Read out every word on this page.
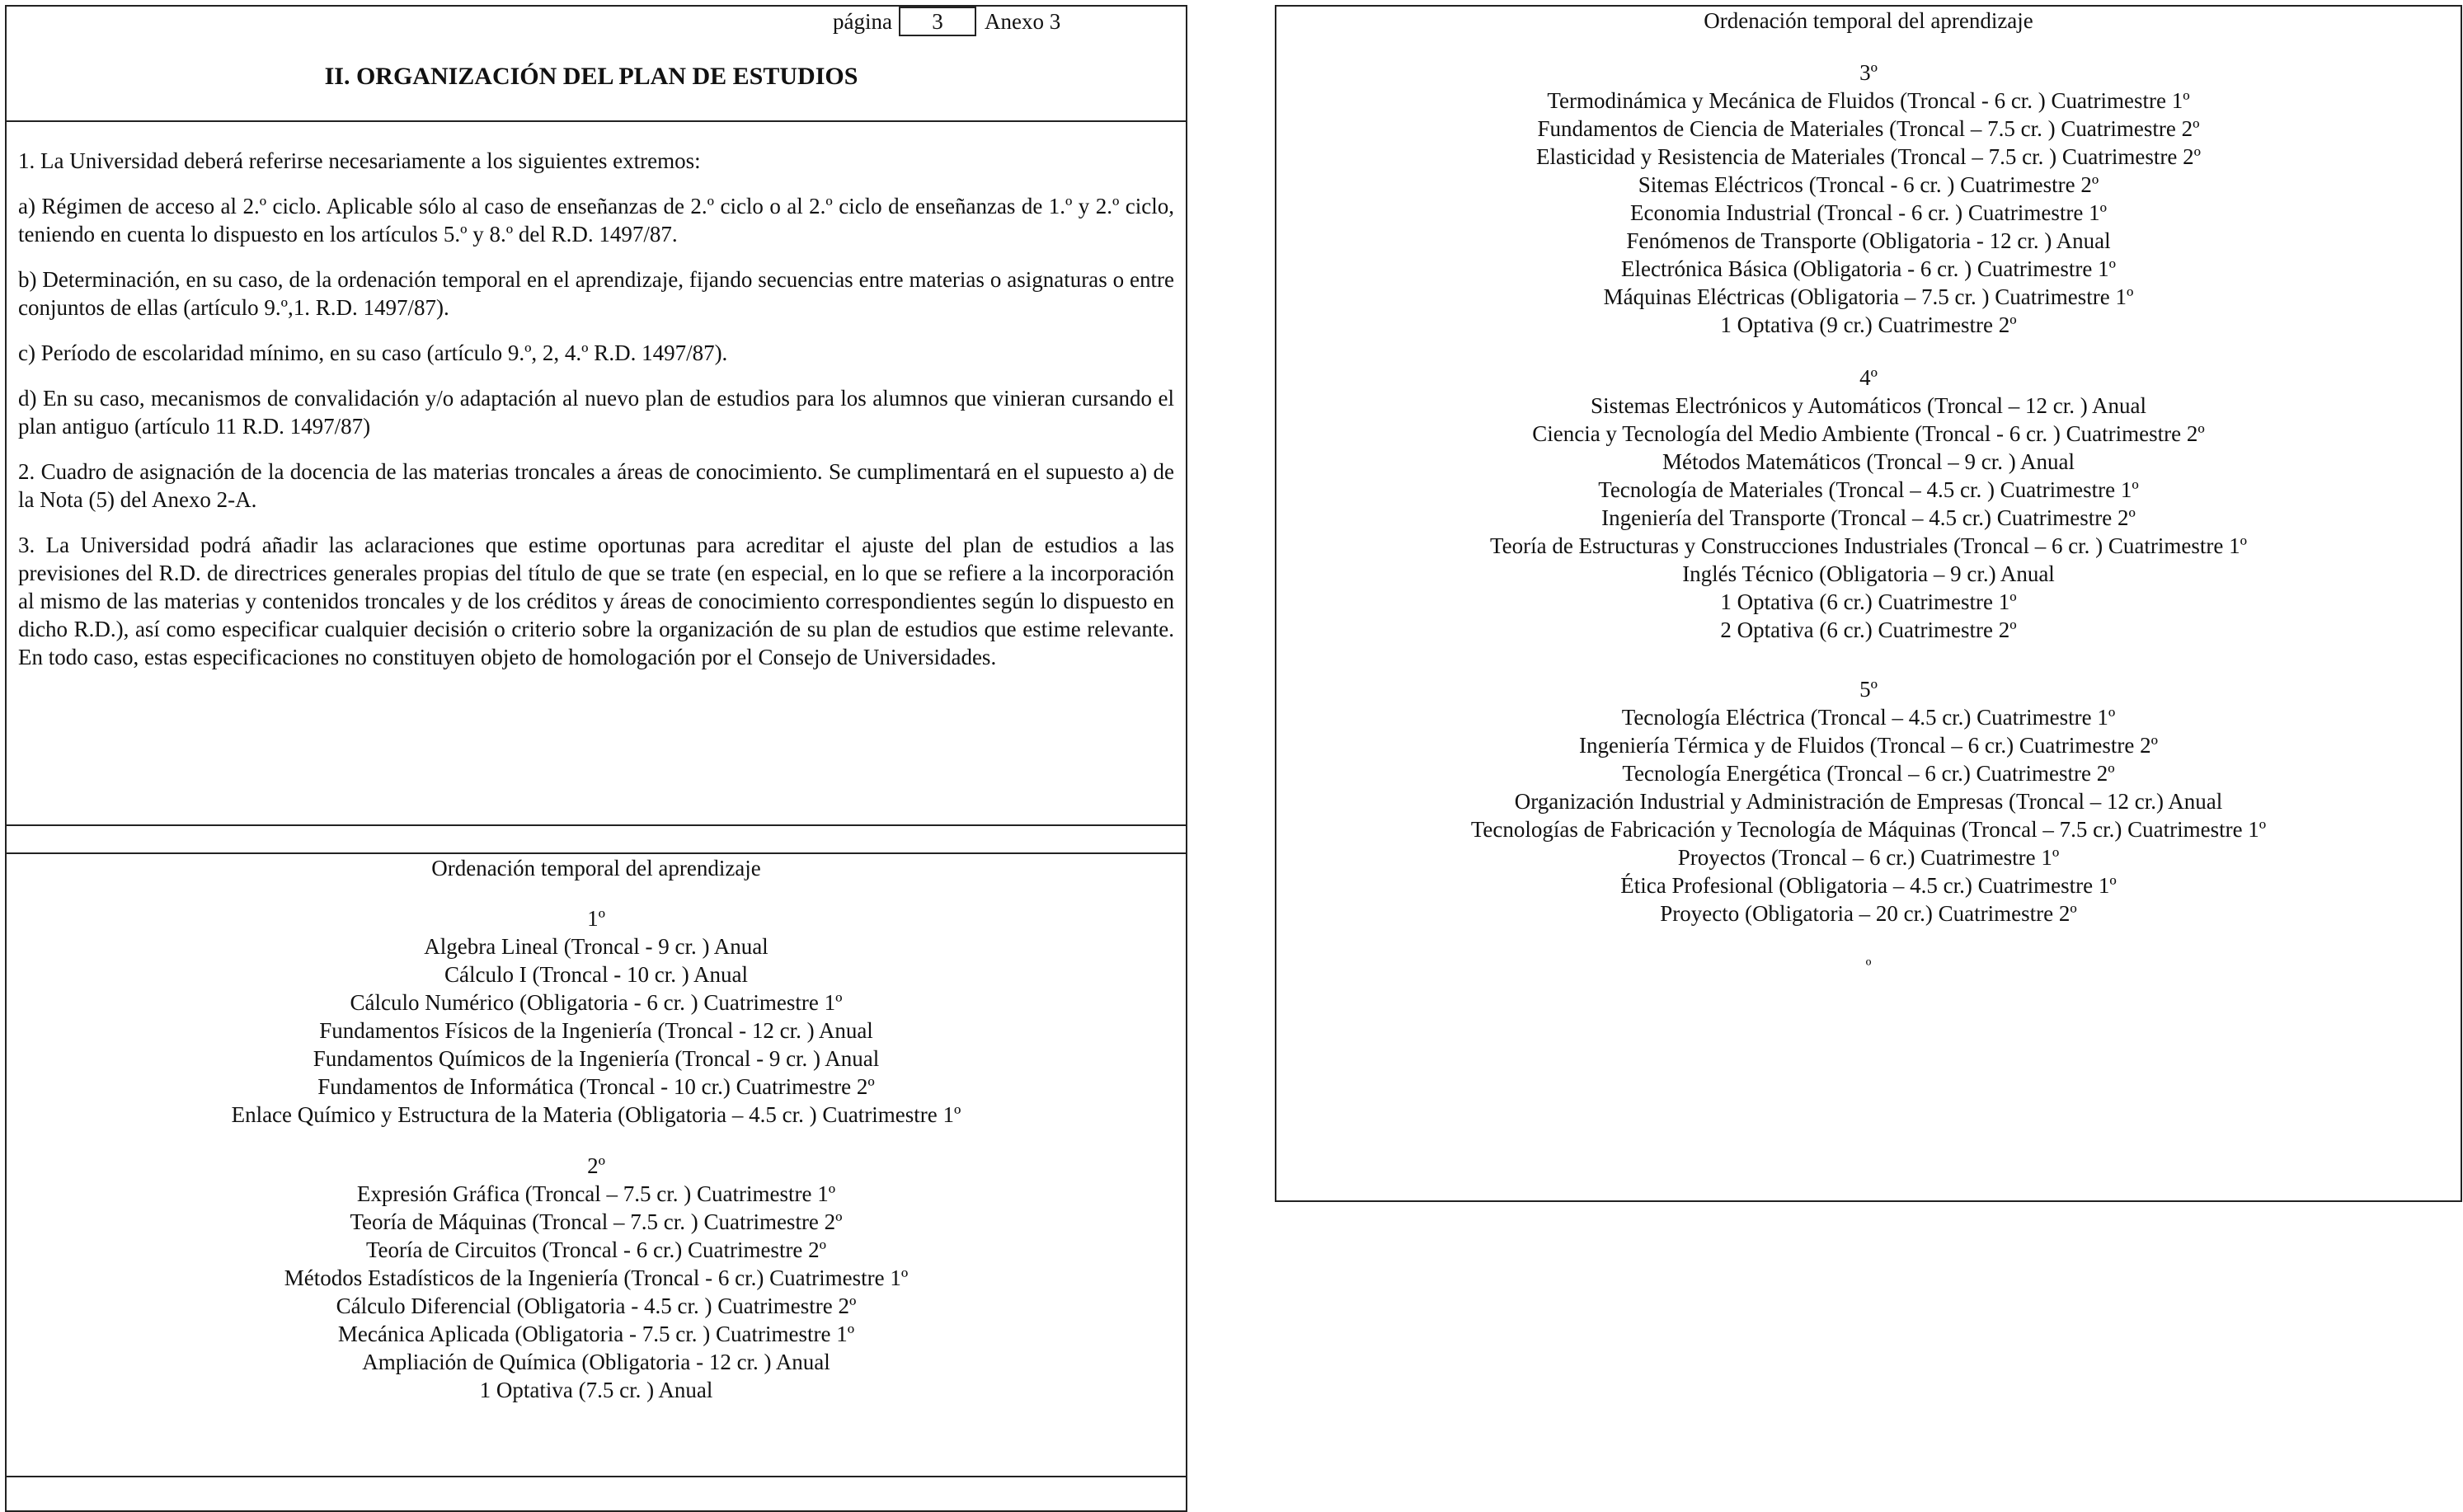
página	3	Anexo 3
II. ORGANIZACIÓN DEL PLAN DE ESTUDIOS

1. La Universidad deberá referirse necesariamente a los siguientes extremos:

a) Régimen de acceso al 2.º ciclo. Aplicable sólo al caso de enseñanzas de 2.º ciclo o al 2.º ciclo de enseñanzas de 1.º y 2.º ciclo, teniendo en cuenta lo dispuesto en los artículos 5.º y 8.º del R.D. 1497/87.

b) Determinación, en su caso, de la ordenación temporal en el aprendizaje, fijando secuencias entre materias o asignaturas o entre conjuntos de ellas (artículo 9.º,1. R.D. 1497/87).

c) Período de escolaridad mínimo, en su caso (artículo 9.º, 2, 4.º R.D. 1497/87).

d) En su caso, mecanismos de convalidación y/o adaptación al nuevo plan de estudios para los alumnos que vinieran cursando el plan antiguo (artículo 11 R.D. 1497/87)

2. Cuadro de asignación de la docencia de las materias troncales a áreas de conocimiento. Se cumplimentará en el supuesto a) de la Nota (5) del Anexo 2-A.

3. La Universidad podrá añadir las aclaraciones que estime oportunas para acreditar el ajuste del plan de estudios a las previsiones del R.D. de directrices generales propias del título de que se trate (en especial, en lo que se refiere a la incorporación al mismo de las materias y contenidos troncales y de los créditos y áreas de conocimiento correspondientes según lo dispuesto en dicho R.D.), así como especificar cualquier decisión o criterio sobre la organización de su plan de estudios que estime relevante. En todo caso, estas especificaciones no constituyen objeto de homologación por el Consejo de Universidades.

Ordenación temporal del aprendizaje
1º
Algebra Lineal (Troncal - 9 cr. ) Anual
Cálculo I (Troncal - 10 cr. ) Anual
Cálculo Numérico (Obligatoria - 6 cr. ) Cuatrimestre 1º
Fundamentos Físicos de la Ingeniería (Troncal - 12 cr. ) Anual
Fundamentos Químicos de la Ingeniería (Troncal - 9 cr. ) Anual
Fundamentos de Informática (Troncal - 10 cr.) Cuatrimestre 2º
Enlace Químico y Estructura de la Materia (Obligatoria – 4.5 cr. ) Cuatrimestre 1º
2º
Expresión Gráfica (Troncal – 7.5 cr. ) Cuatrimestre 1º
Teoría de Máquinas (Troncal – 7.5 cr. ) Cuatrimestre 2º
Teoría de Circuitos (Troncal - 6 cr.) Cuatrimestre 2º
Métodos Estadísticos de la Ingeniería (Troncal - 6 cr.) Cuatrimestre 1º
Cálculo Diferencial (Obligatoria - 4.5 cr. ) Cuatrimestre 2º
Mecánica Aplicada (Obligatoria - 7.5 cr. ) Cuatrimestre 1º
Ampliación de Química (Obligatoria - 12 cr. ) Anual
1 Optativa (7.5 cr. ) Anual
Ordenación temporal del aprendizaje
3º
Termodinámica y Mecánica de Fluidos (Troncal - 6 cr. ) Cuatrimestre 1º
Fundamentos de Ciencia de Materiales (Troncal – 7.5 cr. ) Cuatrimestre 2º
Elasticidad y Resistencia de Materiales (Troncal – 7.5 cr. ) Cuatrimestre 2º
Sitemas Eléctricos (Troncal - 6 cr. ) Cuatrimestre 2º
Economia Industrial (Troncal - 6 cr. ) Cuatrimestre 1º
Fenómenos de Transporte (Obligatoria - 12 cr. ) Anual
Electrónica Básica (Obligatoria - 6 cr. ) Cuatrimestre 1º
Máquinas Eléctricas (Obligatoria – 7.5 cr. ) Cuatrimestre 1º
1 Optativa (9 cr.) Cuatrimestre 2º
4º
Sistemas Electrónicos y Automáticos (Troncal – 12 cr. ) Anual
Ciencia y Tecnología del Medio Ambiente (Troncal - 6 cr. ) Cuatrimestre 2º
Métodos Matemáticos (Troncal – 9 cr. ) Anual
Tecnología de Materiales (Troncal – 4.5 cr. ) Cuatrimestre 1º
Ingeniería del Transporte (Troncal – 4.5 cr.) Cuatrimestre 2º
Teoría de Estructuras y Construcciones Industriales (Troncal – 6 cr. ) Cuatrimestre 1º
Inglés Técnico (Obligatoria – 9 cr.) Anual
1 Optativa (6 cr.) Cuatrimestre 1º
2 Optativa (6 cr.) Cuatrimestre 2º
5º
Tecnología Eléctrica (Troncal – 4.5 cr.) Cuatrimestre 1º
Ingeniería Térmica y de Fluidos (Troncal – 6 cr.) Cuatrimestre 2º
Tecnología Energética (Troncal – 6 cr.) Cuatrimestre 2º
Organización Industrial y Administración de Empresas (Troncal – 12 cr.) Anual
Tecnologías de Fabricación y Tecnología de Máquinas (Troncal – 7.5 cr.) Cuatrimestre 1º
Proyectos (Troncal – 6 cr.) Cuatrimestre 1º
Ética Profesional (Obligatoria – 4.5 cr.) Cuatrimestre 1º
Proyecto (Obligatoria – 20 cr.) Cuatrimestre 2º
º
